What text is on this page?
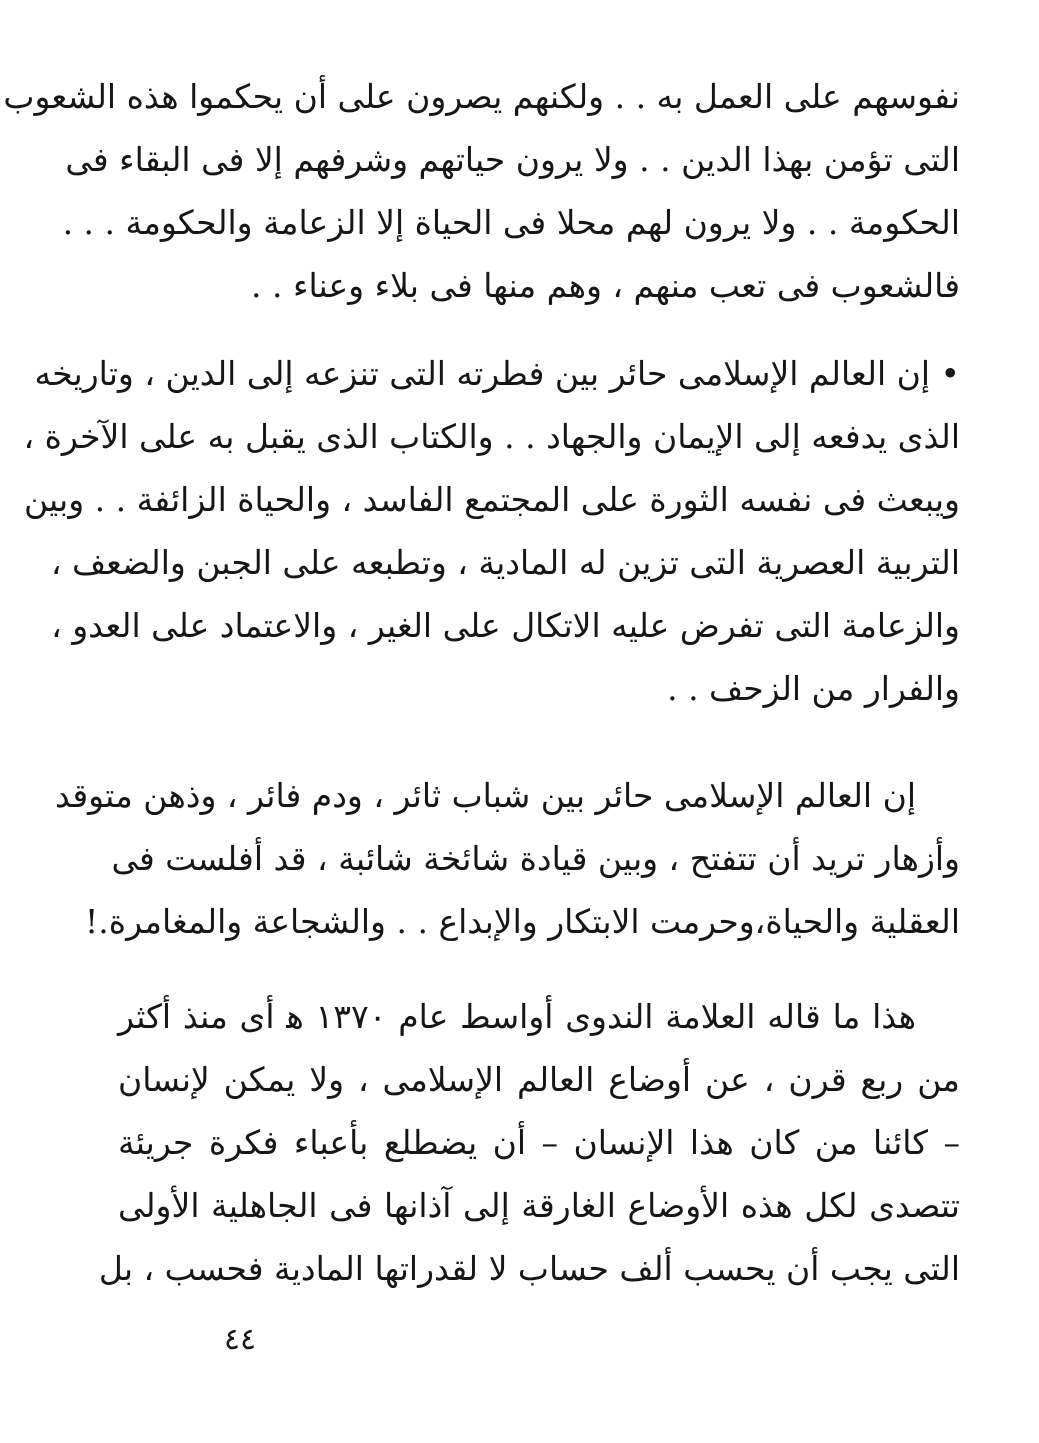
نفوسهم على العمل به . . ولكنهم يصرون على أن يحكموا هذه الشعوب
التى تؤمن بهذا الدين . . ولا يرون حياتهم وشرفهم إلا فى البقاء فى
الحكومة . . ولا يرون لهم محلا فى الحياة إلا الزعامة والحكومة . . .
فالشعوب فى تعب منهم ، وهم منها فى بلاء وعناء . .
• إن العالم الإسلامى حائر بين فطرته التى تنزعه إلى الدين ، وتاريخه
الذى يدفعه إلى الإيمان والجهاد . . والكتاب الذى يقبل به على الآخرة ،
ويبعث فى نفسه الثورة على المجتمع الفاسد ، والحياة الزائفة . . وبين
التربية العصرية التى تزين له المادية ، وتطبعه على الجبن والضعف ،
والزعامة التى تفرض عليه الاتكال على الغير ، والاعتماد على العدو ،
والفرار من الزحف . .
إن العالم الإسلامى حائر بين شباب ثائر ، ودم فائر ، وذهن متوقد
وأزهار تريد أن تتفتح ، وبين قيادة شائخة شائبة ، قد أفلست فى
العقلية والحياة،وحرمت الابتكار والإبداع . . والشجاعة والمغامرة.!
هذا ما قاله العلامة الندوى أواسط عام ١٣٧٠ ﻫ أى منذ أكثر
من ربع قرن ، عن أوضاع العالم الإسلامى ، ولا يمكن لإنسان
– كائنا من كان هذا الإنسان – أن يضطلع بأعباء فكرة جريئة
تتصدى لكل هذه الأوضاع الغارقة إلى آذانها فى الجاهلية الأولى
التى يجب أن يحسب ألف حساب لا لقدراتها المادية فحسب ، بل
٤٤
